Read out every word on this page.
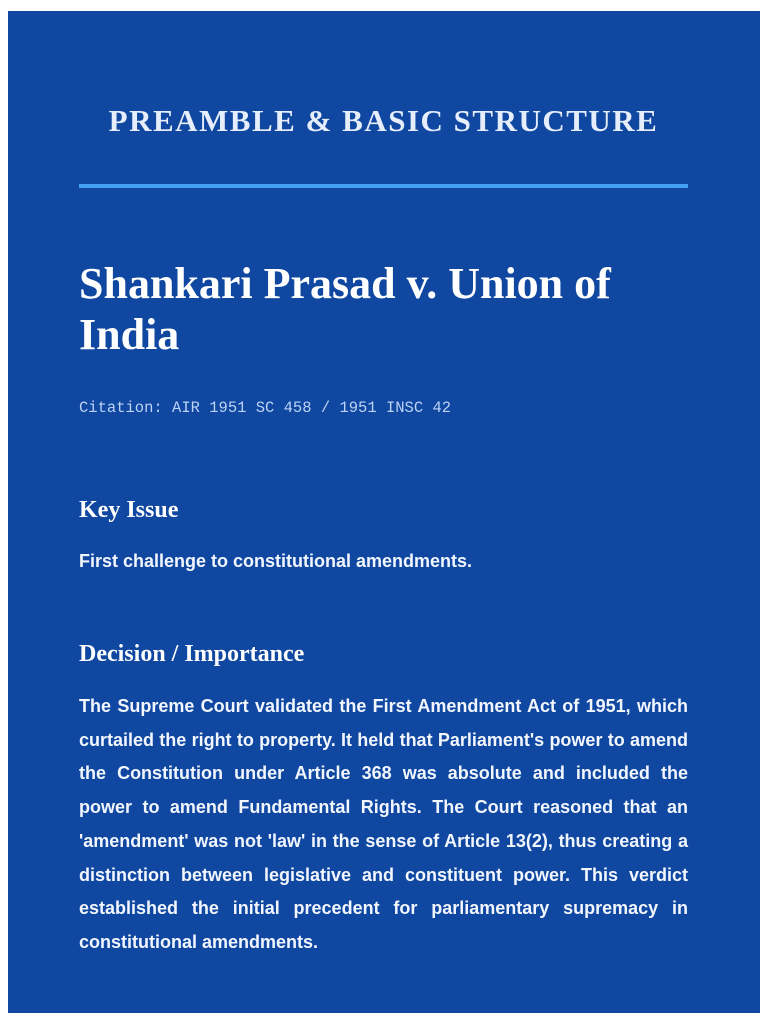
PREAMBLE & BASIC STRUCTURE
Shankari Prasad v. Union of India
Citation: AIR 1951 SC 458 / 1951 INSC 42
Key Issue

First challenge to constitutional amendments.

Decision / Importance

The Supreme Court validated the First Amendment Act of 1951, which curtailed the right to property. It held that Parliament's power to amend the Constitution under Article 368 was absolute and included the power to amend Fundamental Rights. The Court reasoned that an 'amendment' was not 'law' in the sense of Article 13(2), thus creating a distinction between legislative and constituent power. This verdict established the initial precedent for parliamentary supremacy in constitutional amendments.
